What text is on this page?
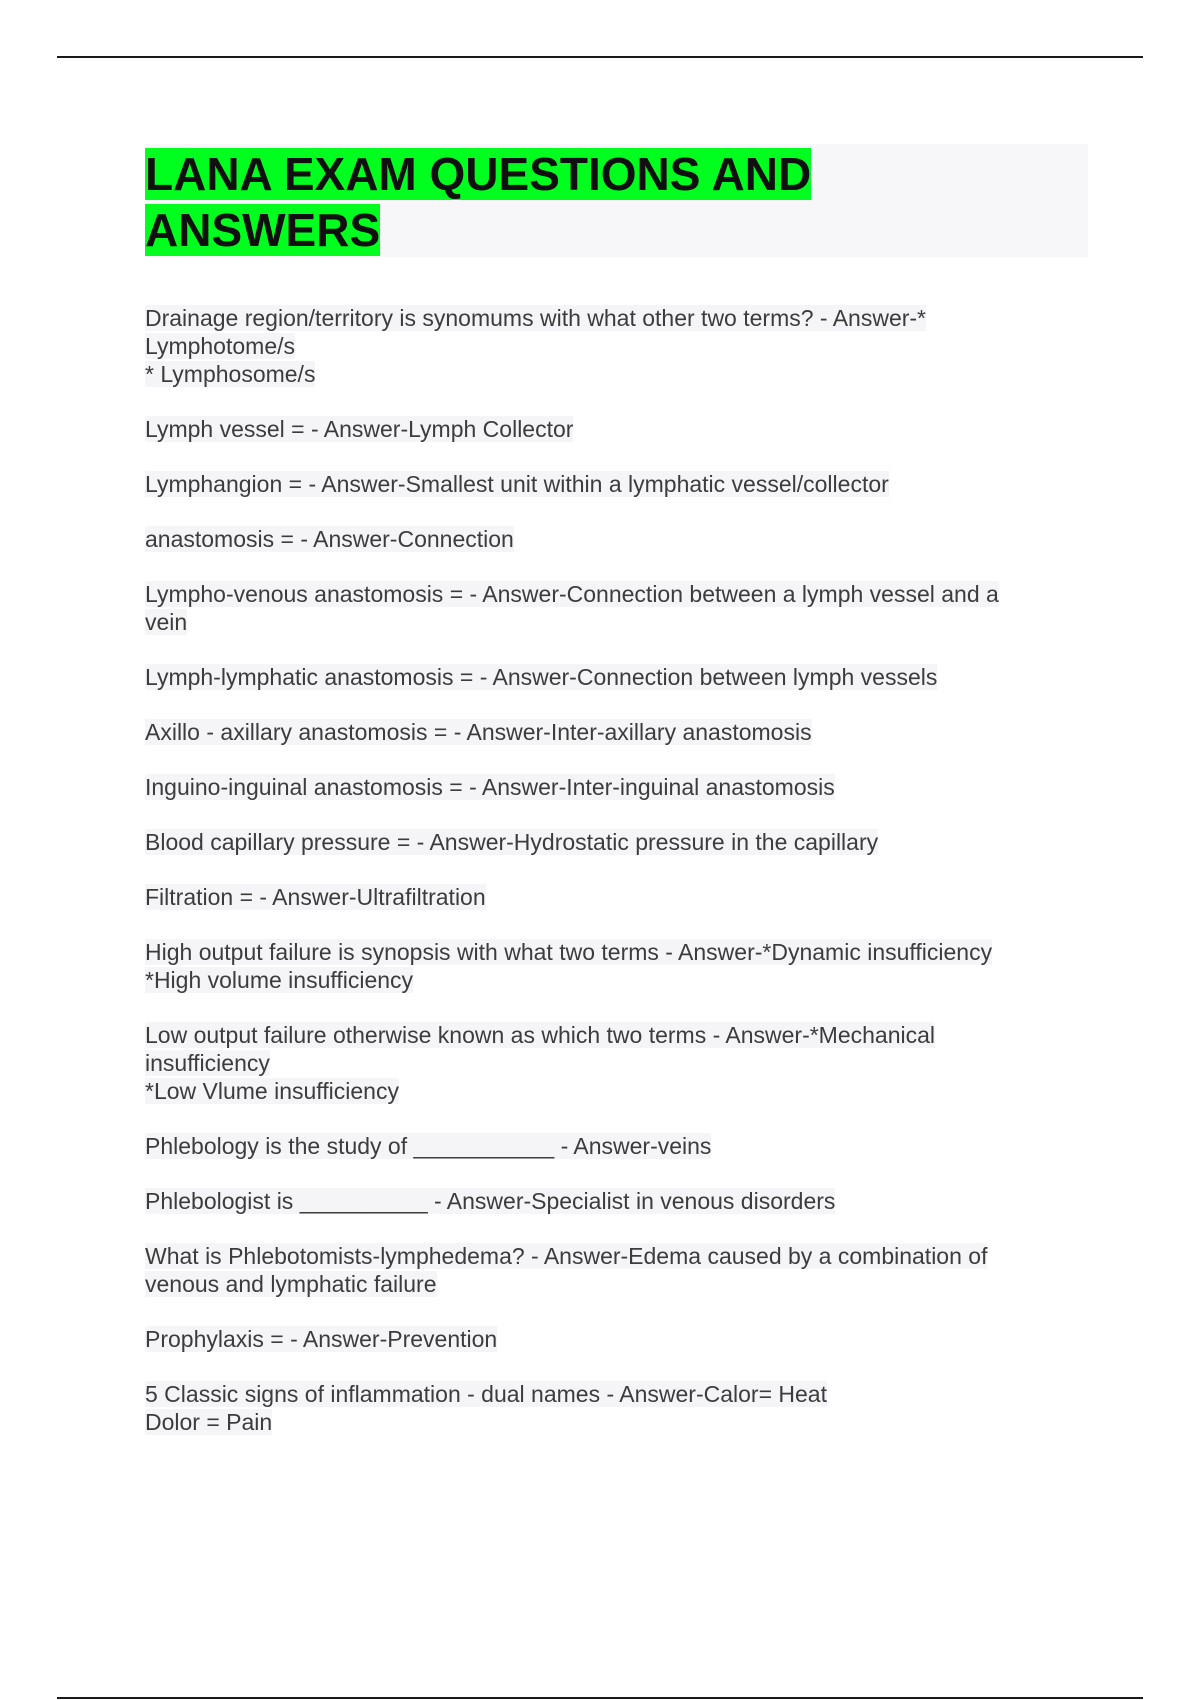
LANA EXAM QUESTIONS AND ANSWERS

Drainage region/territory is synomums with what other two terms? - Answer-*
Lymphotome/s
* Lymphosome/s

Lymph vessel = - Answer-Lymph Collector

Lymphangion = - Answer-Smallest unit within a lymphatic vessel/collector

anastomosis = - Answer-Connection

Lympho-venous anastomosis = - Answer-Connection between a lymph vessel and a
vein

Lymph-lymphatic anastomosis = - Answer-Connection between lymph vessels

Axillo - axillary anastomosis = - Answer-Inter-axillary anastomosis

Inguino-inguinal anastomosis = - Answer-Inter-inguinal anastomosis

Blood capillary pressure = - Answer-Hydrostatic pressure in the capillary

Filtration = - Answer-Ultrafiltration

High output failure is synopsis with what two terms - Answer-*Dynamic insufficiency
*High volume insufficiency

Low output failure otherwise known as which two terms - Answer-*Mechanical
insufficiency
*Low Vlume insufficiency

Phlebology is the study of ___________ - Answer-veins

Phlebologist is __________ - Answer-Specialist in venous disorders

What is Phlebotomists-lymphedema? - Answer-Edema caused by a combination of
venous and lymphatic failure

Prophylaxis = - Answer-Prevention

5 Classic signs of inflammation - dual names - Answer-Calor= Heat
Dolor = Pain
